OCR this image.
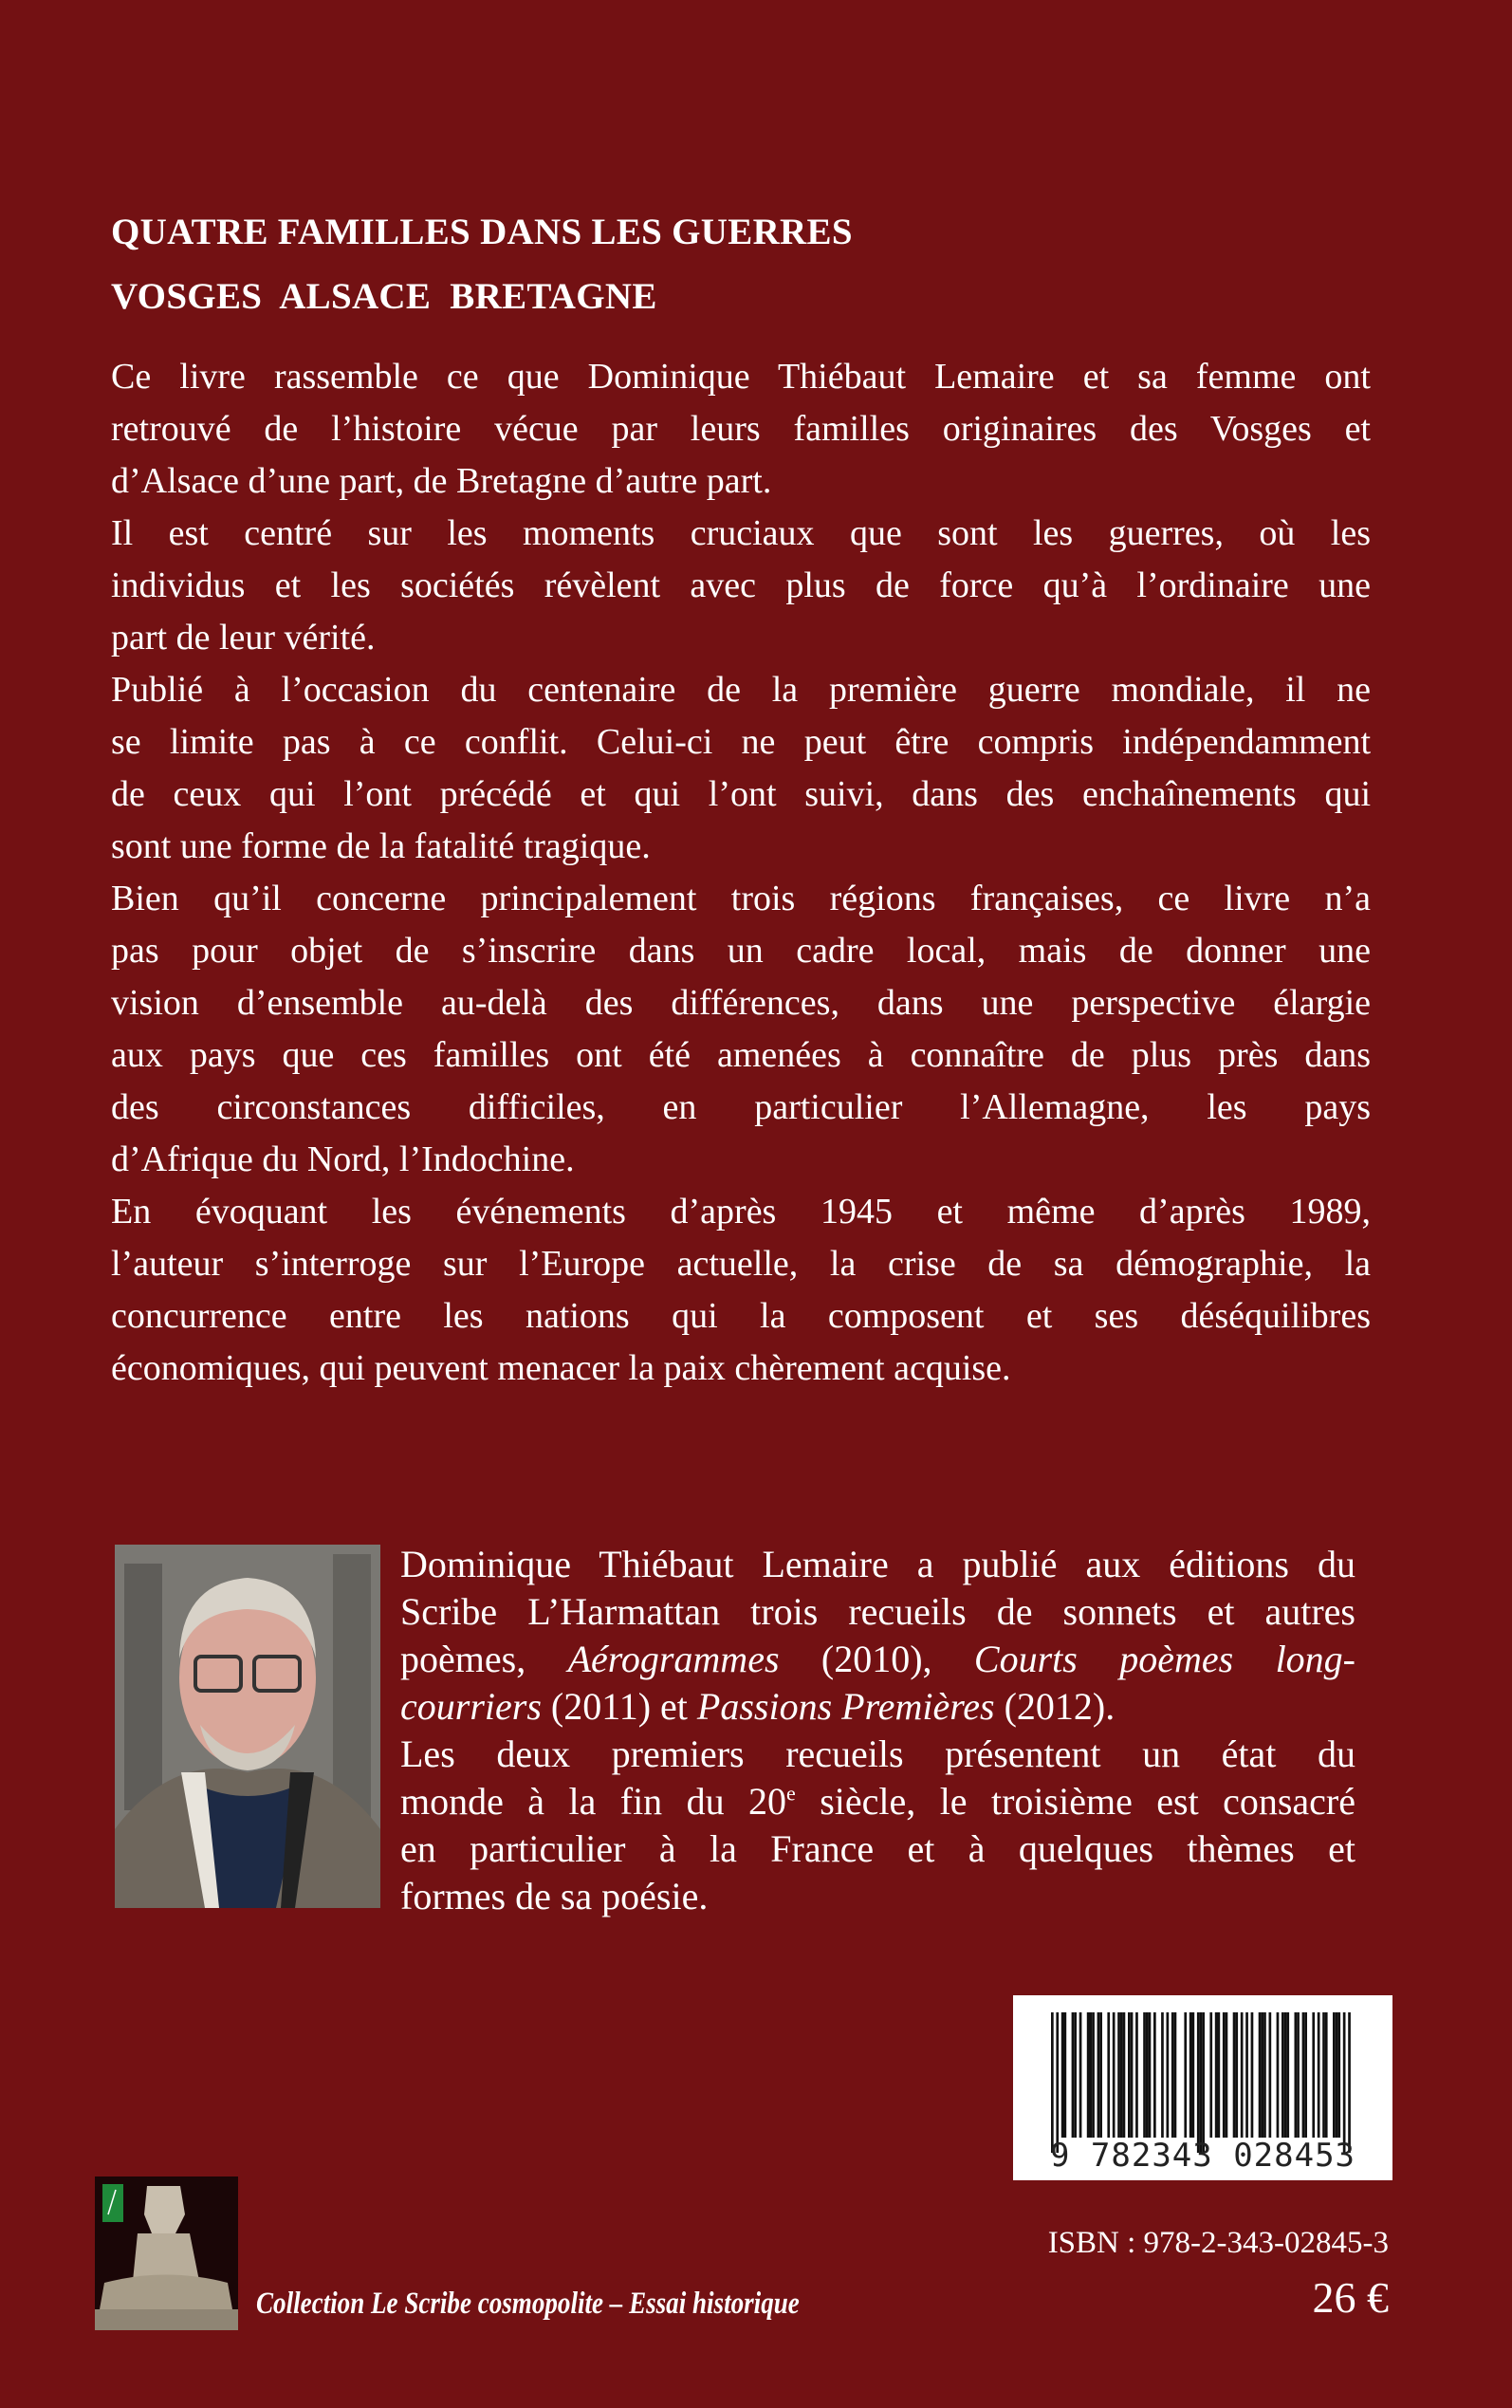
QUATRE FAMILLES DANS LES GUERRES
VOSGES  ALSACE  BRETAGNE
Ce livre rassemble ce que Dominique Thiébaut Lemaire et sa femme ont
retrouvé de l’histoire vécue par leurs familles originaires des Vosges et
d’Alsace d’une part, de Bretagne d’autre part.
Il est centré sur les moments cruciaux que sont les guerres, où les
individus et les sociétés révèlent avec plus de force qu’à l’ordinaire une
part de leur vérité.
Publié à l’occasion du centenaire de la première guerre mondiale, il ne
se limite pas à ce conflit. Celui-ci ne peut être compris indépendamment
de ceux qui l’ont précédé et qui l’ont suivi, dans des enchaînements qui
sont une forme de la fatalité tragique.
Bien qu’il concerne principalement trois régions françaises, ce livre n’a
pas pour objet de s’inscrire dans un cadre local, mais de donner une
vision d’ensemble au-delà des différences, dans une perspective élargie
aux pays que ces familles ont été amenées à connaître de plus près dans
des circonstances difficiles, en particulier l’Allemagne, les pays
d’Afrique du Nord, l’Indochine.
En évoquant les événements d’après 1945 et même d’après 1989,
l’auteur s’interroge sur l’Europe actuelle, la crise de sa démographie, la
concurrence entre les nations qui la composent et ses déséquilibres
économiques, qui peuvent menacer la paix chèrement acquise.
Dominique Thiébaut Lemaire a publié aux éditions du
Scribe L’Harmattan trois recueils de sonnets et autres
poèmes, Aérogrammes (2010), Courts poèmes long-
courriers (2011) et Passions Premières (2012).
Les deux premiers recueils présentent un état du
monde à la fin du 20e siècle, le troisième est consacré
en particulier à la France et à quelques thèmes et
formes de sa poésie.
9 782343 028453
ISBN : 978-2-343-02845-3
26 €
Collection Le Scribe cosmopolite – Essai historique
